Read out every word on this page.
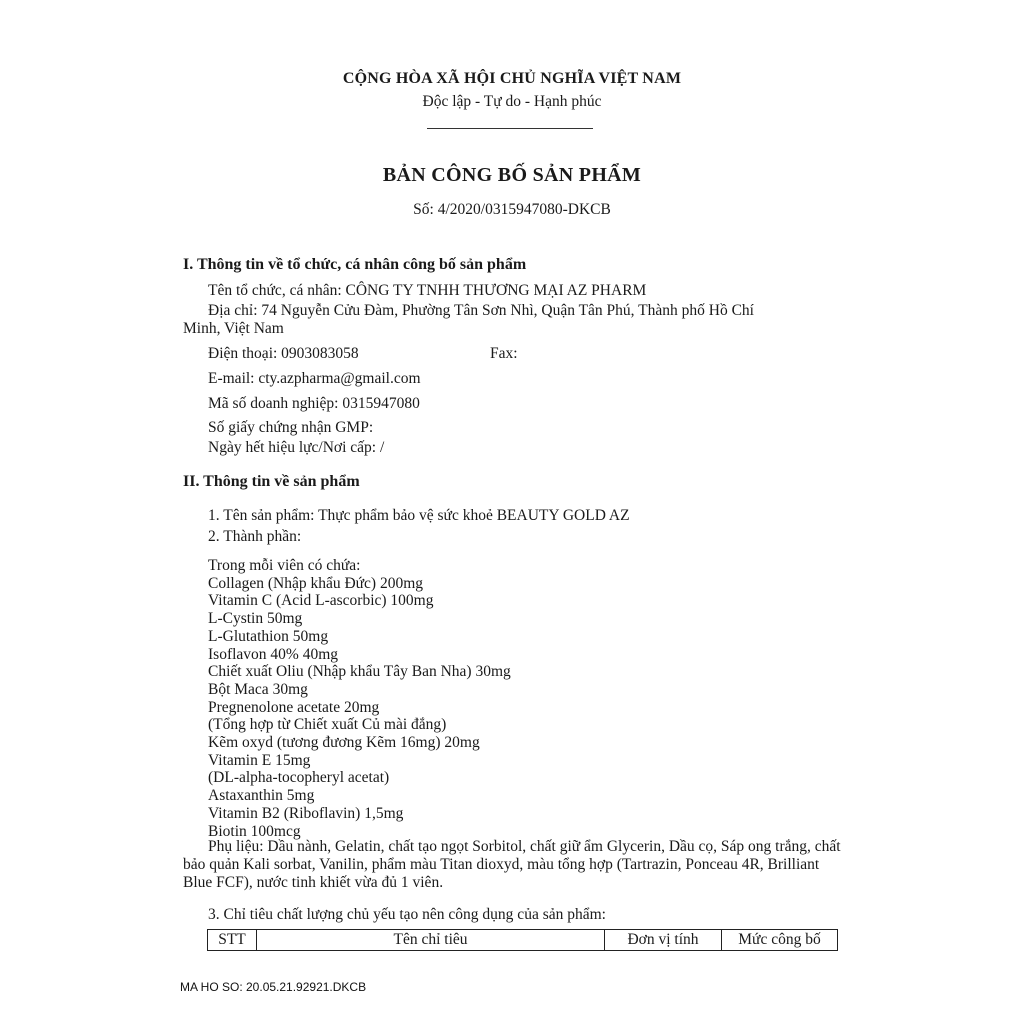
CỘNG HÒA XÃ HỘI CHỦ NGHĨA VIỆT NAM
Độc lập - Tự do - Hạnh phúc
BẢN CÔNG BỐ SẢN PHẨM
Số: 4/2020/0315947080-DKCB
I. Thông tin về tổ chức, cá nhân công bố sản phẩm
Tên tổ chức, cá nhân: CÔNG TY TNHH THƯƠNG MẠI AZ PHARM
Địa chỉ: 74 Nguyễn Cửu Đàm, Phường Tân Sơn Nhì, Quận Tân Phú, Thành phố Hồ Chí
Minh, Việt Nam
Điện thoại: 0903083058	Fax:
E-mail: cty.azpharma@gmail.com
Mã số doanh nghiệp: 0315947080
Số giấy chứng nhận GMP:
Ngày hết hiệu lực/Nơi cấp: /
II. Thông tin về sản phẩm
1. Tên sản phẩm: Thực phẩm bảo vệ sức khoẻ BEAUTY GOLD AZ
2. Thành phần:
Trong mỗi viên có chứa:
Collagen (Nhập khẩu Đức) 200mg
Vitamin C (Acid L-ascorbic) 100mg
L-Cystin 50mg
L-Glutathion 50mg
Isoflavon 40% 40mg
Chiết xuất Oliu (Nhập khẩu Tây Ban Nha) 30mg
Bột Maca 30mg
Pregnenolone acetate 20mg
(Tổng hợp từ Chiết xuất Củ mài đắng)
Kẽm oxyd (tương đương Kẽm 16mg) 20mg
Vitamin E 15mg
(DL-alpha-tocopheryl acetat)
Astaxanthin 5mg
Vitamin B2 (Riboflavin) 1,5mg
Biotin 100mcg
Phụ liệu: Dầu nành, Gelatin, chất tạo ngọt Sorbitol, chất giữ ẩm Glycerin, Dầu cọ, Sáp ong trắng, chất bảo quản Kali sorbat, Vanilin, phẩm màu Titan dioxyd, màu tổng hợp (Tartrazin, Ponceau 4R, Brilliant Blue FCF), nước tinh khiết vừa đủ 1 viên.
3. Chỉ tiêu chất lượng chủ yếu tạo nên công dụng của sản phẩm:
STT	Tên chỉ tiêu	Đơn vị tính	Mức công bố
MA HO SO: 20.05.21.92921.DKCB
